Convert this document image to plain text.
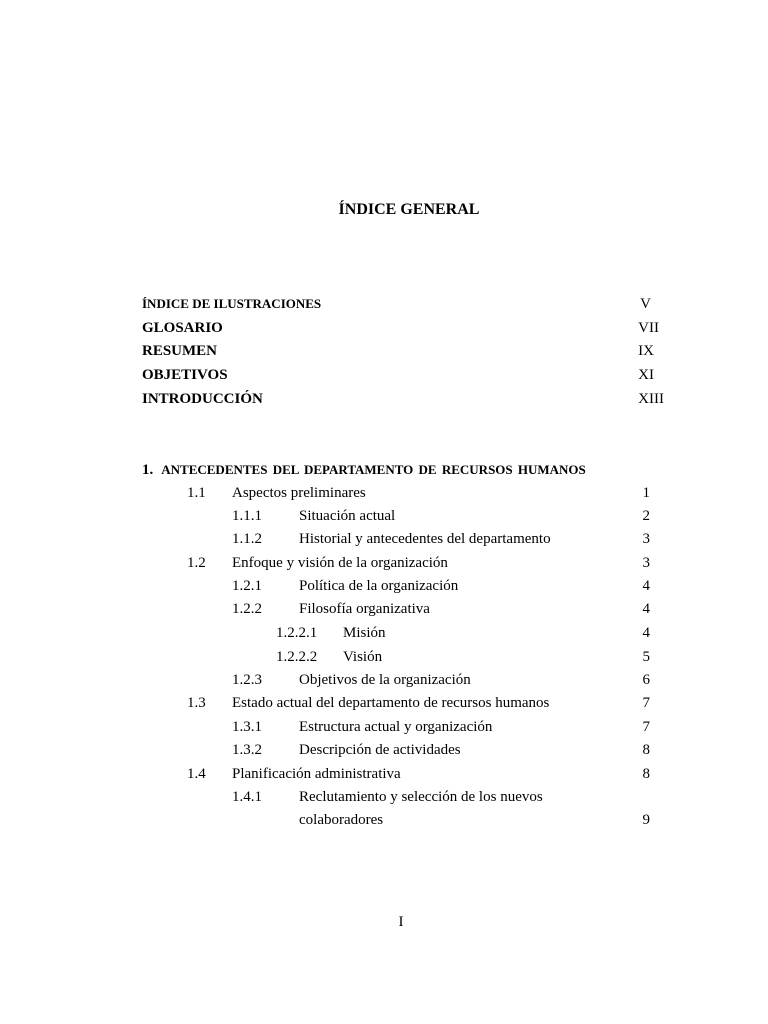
ÍNDICE GENERAL
ÍNDICE DE ILUSTRACIONES	V
GLOSARIO	VII
RESUMEN	IX
OBJETIVOS	XI
INTRODUCCIÓN	XIII
1. ANTECEDENTES DEL DEPARTAMENTO DE RECURSOS HUMANOS
1.1 Aspectos preliminares	1
1.1.1 Situación actual	2
1.1.2 Historial y antecedentes del departamento	3
1.2 Enfoque y visión de la organización	3
1.2.1 Política de la organización	4
1.2.2 Filosofía organizativa	4
1.2.2.1 Misión	4
1.2.2.2 Visión	5
1.2.3 Objetivos de la organización	6
1.3 Estado actual del departamento de recursos humanos	7
1.3.1 Estructura actual y organización	7
1.3.2 Descripción de actividades	8
1.4 Planificación administrativa	8
1.4.1 Reclutamiento y selección de los nuevos
colaboradores	9
I
